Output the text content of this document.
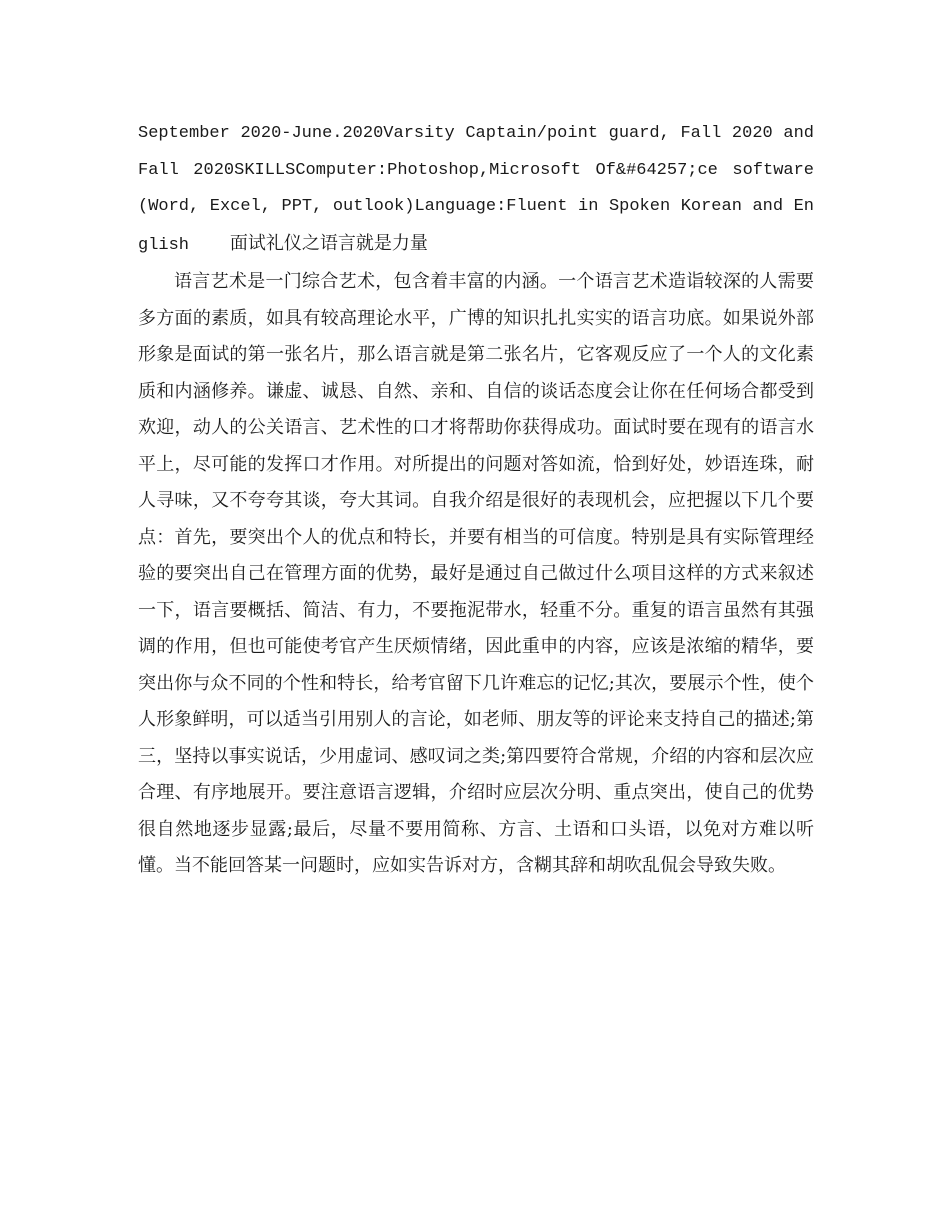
September 2020-June.2020Varsity Captain/point guard, Fall 2020 and Fall 2020SKILLSComputer:Photoshop,Microsoft Of&#64257;ce software(Word, Excel, PPT, outlook)Language:Fluent in Spoken Korean and English 面试礼仪之语言就是力量

语言艺术是一门综合艺术，包含着丰富的内涵。一个语言艺术造诣较深的人需要多方面的素质，如具有较高理论水平，广博的知识扎扎实实的语言功底。如果说外部形象是面试的第一张名片，那么语言就是第二张名片，它客观反应了一个人的文化素质和内涵修养。谦虚、诚恳、自然、亲和、自信的谈话态度会让你在任何场合都受到欢迎，动人的公关语言、艺术性的口才将帮助你获得成功。面试时要在现有的语言水平上，尽可能的发挥口才作用。对所提出的问题对答如流，恰到好处，妙语连珠，耐人寻味，又不夸夸其谈，夸大其词。自我介绍是很好的表现机会，应把握以下几个要点：首先，要突出个人的优点和特长，并要有相当的可信度。特别是具有实际管理经验的要突出自己在管理方面的优势，最好是通过自己做过什么项目这样的方式来叙述一下，语言要概括、简洁、有力，不要拖泥带水，轻重不分。重复的语言虽然有其强调的作用，但也可能使考官产生厌烦情绪，因此重申的内容，应该是浓缩的精华，要突出你与众不同的个性和特长，给考官留下几许难忘的记忆;其次，要展示个性，使个人形象鲜明，可以适当引用别人的言论，如老师、朋友等的评论来支持自己的描述;第三，坚持以事实说话，少用虚词、感叹词之类;第四要符合常规，介绍的内容和层次应合理、有序地展开。要注意语言逻辑，介绍时应层次分明、重点突出，使自己的优势很自然地逐步显露;最后，尽量不要用简称、方言、土语和口头语，以免对方难以听懂。当不能回答某一问题时，应如实告诉对方，含糊其辞和胡吹乱侃会导致失败。
